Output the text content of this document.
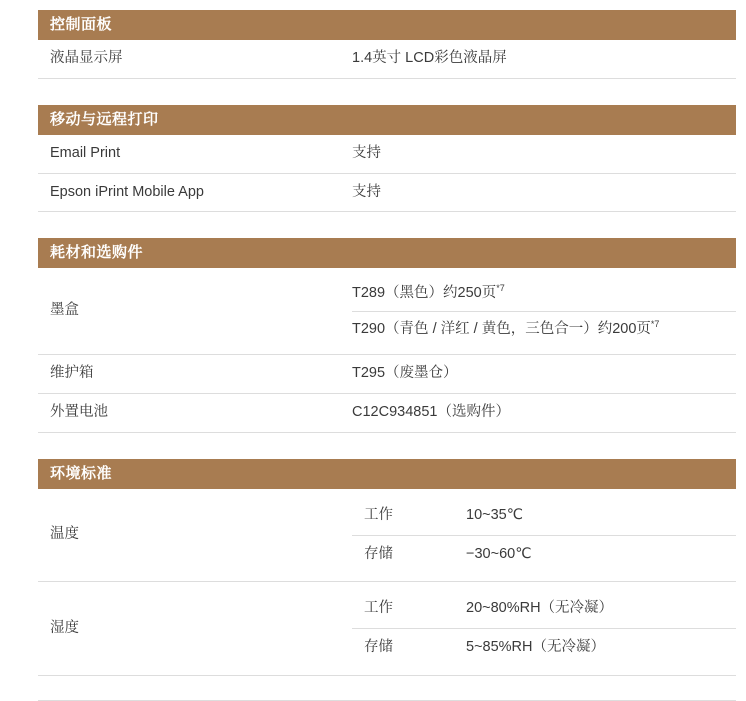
控制面板
液晶显示屏	1.4英寸 LCD彩色液晶屏
移动与远程打印
Email Print	支持
Epson iPrint Mobile App	支持
耗材和选购件
墨盒	T289（黑色）约250页$^{*7}$
T290（青色 / 洋红 / 黄色，三色合一）约200页$^{*7}$

维护箱	T295（废墨仓）
外置电池	C12C934851（选购件）
环境标准
温度	
工作	10~35℃
存储	−30~60℃

湿度	
工作	20~80%RH（无冷凝）
存储	5~85%RH（无冷凝）
